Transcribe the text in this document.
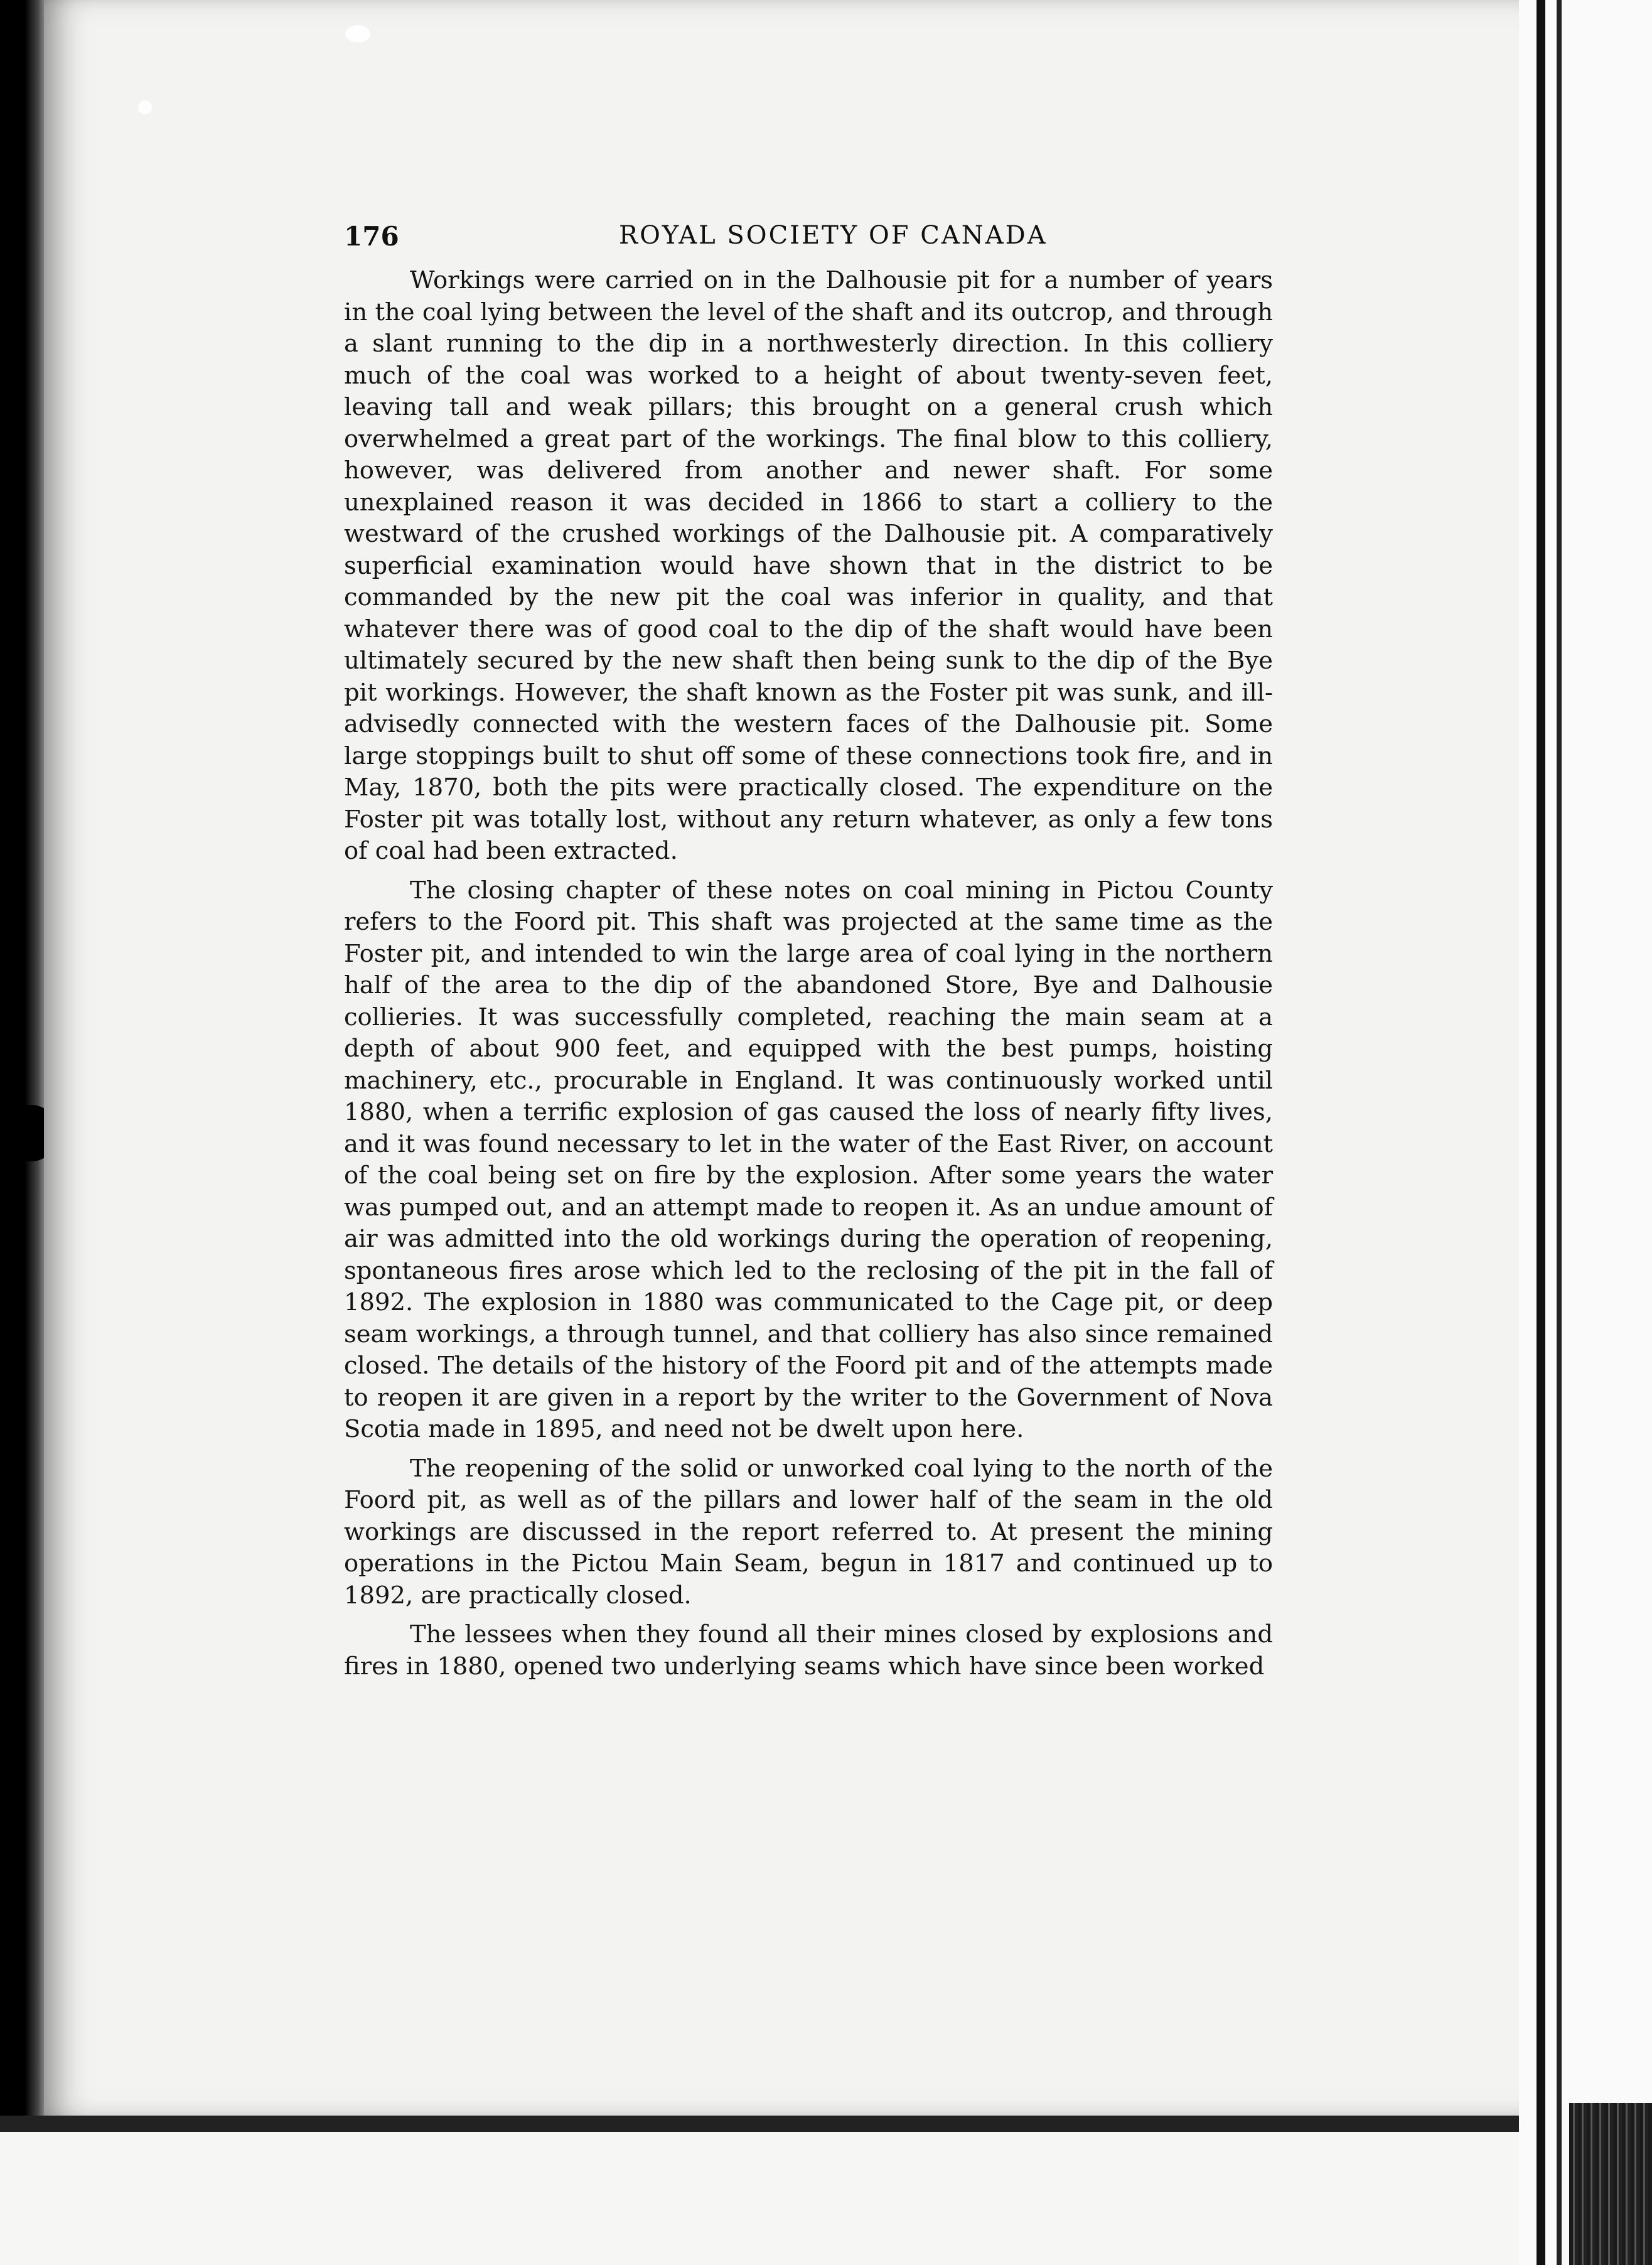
176	ROYAL SOCIETY OF CANADA

Workings were carried on in the Dalhousie pit for a number of years in the coal lying between the level of the shaft and its outcrop, and through a slant running to the dip in a northwesterly direction. In this colliery much of the coal was worked to a height of about twenty-seven feet, leaving tall and weak pillars; this brought on a general crush which overwhelmed a great part of the workings. The final blow to this colliery, however, was delivered from another and newer shaft. For some unexplained reason it was decided in 1866 to start a colliery to the westward of the crushed workings of the Dalhousie pit. A comparatively superficial examination would have shown that in the district to be commanded by the new pit the coal was inferior in quality, and that whatever there was of good coal to the dip of the shaft would have been ultimately secured by the new shaft then being sunk to the dip of the Bye pit workings. However, the shaft known as the Foster pit was sunk, and ill-advisedly connected with the western faces of the Dalhousie pit. Some large stoppings built to shut off some of these connections took fire, and in May, 1870, both the pits were practically closed. The expenditure on the Foster pit was totally lost, without any return whatever, as only a few tons of coal had been extracted.

The closing chapter of these notes on coal mining in Pictou County refers to the Foord pit. This shaft was projected at the same time as the Foster pit, and intended to win the large area of coal lying in the northern half of the area to the dip of the abandoned Store, Bye and Dalhousie collieries. It was successfully completed, reaching the main seam at a depth of about 900 feet, and equipped with the best pumps, hoisting machinery, etc., procurable in England. It was continuously worked until 1880, when a terrific explosion of gas caused the loss of nearly fifty lives, and it was found necessary to let in the water of the East River, on account of the coal being set on fire by the explosion. After some years the water was pumped out, and an attempt made to reopen it. As an undue amount of air was admitted into the old workings during the operation of reopening, spontaneous fires arose which led to the reclosing of the pit in the fall of 1892. The explosion in 1880 was communicated to the Cage pit, or deep seam workings, a through tunnel, and that colliery has also since remained closed. The details of the history of the Foord pit and of the attempts made to reopen it are given in a report by the writer to the Government of Nova Scotia made in 1895, and need not be dwelt upon here.

The reopening of the solid or unworked coal lying to the north of the Foord pit, as well as of the pillars and lower half of the seam in the old workings are discussed in the report referred to. At present the mining operations in the Pictou Main Seam, begun in 1817 and continued up to 1892, are practically closed.

The lessees when they found all their mines closed by explosions and fires in 1880, opened two underlying seams which have since been worked
